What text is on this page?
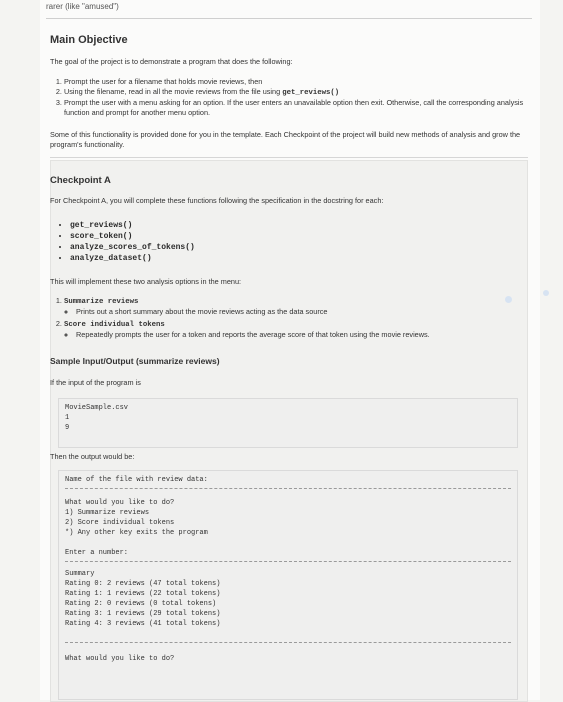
rarer (like "amused")
Main Objective
The goal of the project is to demonstrate a program that does the following:
1. Prompt the user for a filename that holds movie reviews, then
2. Using the filename, read in all the movie reviews from the file using get_reviews()
3. Prompt the user with a menu asking for an option. If the user enters an unavailable option then exit. Otherwise, call the corresponding analysis function and prompt for another menu option.
Some of this functionality is provided done for you in the template. Each Checkpoint of the project will build new methods of analysis and grow the program's functionality.
Checkpoint A
For Checkpoint A, you will complete these functions following the specification in the docstring for each:
• get_reviews()
• score_token()
• analyze_scores_of_tokens()
• analyze_dataset()
This will implement these two analysis options in the menu:
1. Summarize reviews
◦ Prints out a short summary about the movie reviews acting as the data source
2. Score individual tokens
◦ Repeatedly prompts the user for a token and reports the average score of that token using the movie reviews.
Sample Input/Output (summarize reviews)
If the input of the program is
MovieSample.csv
1
9
Then the output would be:
Name of the file with review data:
What would you like to do?
1) Summarize reviews
2) Score individual tokens
*) Any other key exits the program
Enter a number:
Summary
Rating 0: 2 reviews (47 total tokens)
Rating 1: 1 reviews (22 total tokens)
Rating 2: 0 reviews (0 total tokens)
Rating 3: 1 reviews (29 total tokens)
Rating 4: 3 reviews (41 total tokens)
What would you like to do?
